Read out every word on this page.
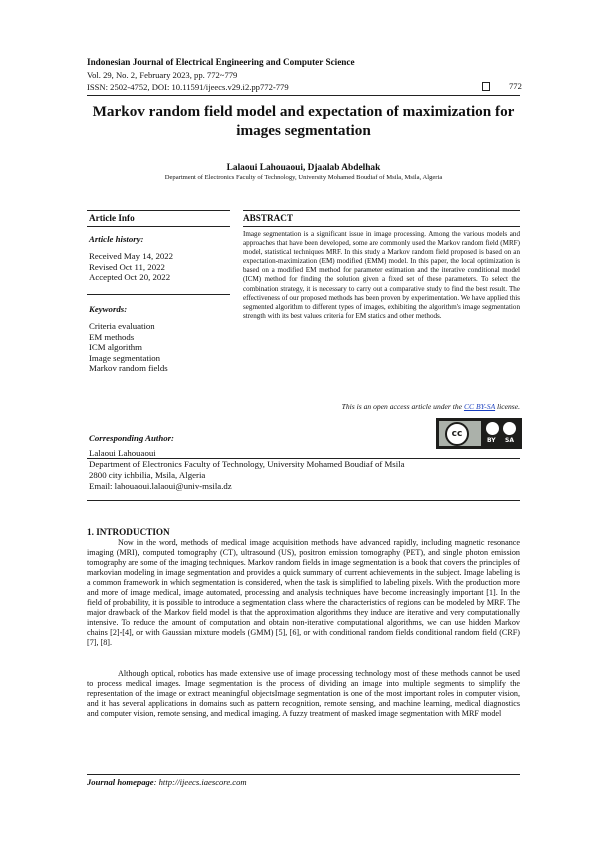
Indonesian Journal of Electrical Engineering and Computer Science
Vol. 29, No. 2, February 2023, pp. 772~779
ISSN: 2502-4752, DOI: 10.11591/ijeecs.v29.i2.pp772-779	772
Markov random field model and expectation of maximization for images segmentation
Lalaoui Lahouaoui, Djaalab Abdelhak
Department of Electronics Faculty of Technology, University Mohamed Boudiaf of Msila, Msila, Algeria
Article Info	ABSTRACT
Article history:
Received May 14, 2022
Revised Oct 11, 2022
Accepted Oct 20, 2022
Keywords:
Criteria evaluation
EM methods
ICM algorithm
Image segmentation
Markov random fields
Image segmentation is a significant issue in image processing. Among the various models and approaches that have been developed, some are commonly used the Markov random field (MRF) model, statistical techniques MRF. In this study a Markov random field proposed is based on an expectation-maximization (EM) modified (EMM) model. In this paper, the local optimization is based on a modified EM method for parameter estimation and the iterative conditional model (ICM) method for finding the solution given a fixed set of these parameters. To select the combination strategy, it is necessary to carry out a comparative study to find the best result. The effectiveness of our proposed methods has been proven by experimentation. We have applied this segmented algorithm to different types of images, exhibiting the algorithm's image segmentation strength with its best values criteria for EM statics and other methods.
This is an open access article under the CC BY-SA license.
cc
BY SA
Corresponding Author:
Lalaoui Lahouaoui
Department of Electronics Faculty of Technology, University Mohamed Boudiaf of Msila
2800 city ichbilia, Msila, Algeria
Email: lahouaoui.lalaoui@univ-msila.dz
1. INTRODUCTION

Now in the word, methods of medical image acquisition methods have advanced rapidly, including magnetic resonance imaging (MRI), computed tomography (CT), ultrasound (US), positron emission tomography (PET), and single photon emission tomography are some of the imaging techniques. Markov random fields in image segmentation is a book that covers the principles of markovian modeling in image segmentation and provides a quick summary of current achievements in the subject. Image labeling is a common framework in which segmentation is considered, when the task is simplified to labeling pixels. With the production more and more of image medical, image automated, processing and analysis techniques have become increasingly important [1]. In the field of probability, it is possible to introduce a segmentation class where the characteristics of regions can be modeled by MRF. The major drawback of the Markov field model is that the approximation algorithms they induce are iterative and very computationally intensive. To reduce the amount of computation and obtain non-iterative computational algorithms, we can use hidden Markov chains [2]-[4], or with Gaussian mixture models (GMM) [5], [6], or with conditional random fields conditional random field (CRF) [7], [8].

Although optical, robotics has made extensive use of image processing technology most of these methods cannot be used to process medical images. Image segmentation is the process of dividing an image into multiple segments to simplify the representation of the image or extract meaningful objectsImage segmentation is one of the most important roles in computer vision, and it has several applications in domains such as pattern recognition, remote sensing, and machine learning, medical diagnostics and computer vision, remote sensing, and medical imaging. A fuzzy treatment of masked image segmentation with MRF model

Journal homepage: http://ijeecs.iaescore.com
